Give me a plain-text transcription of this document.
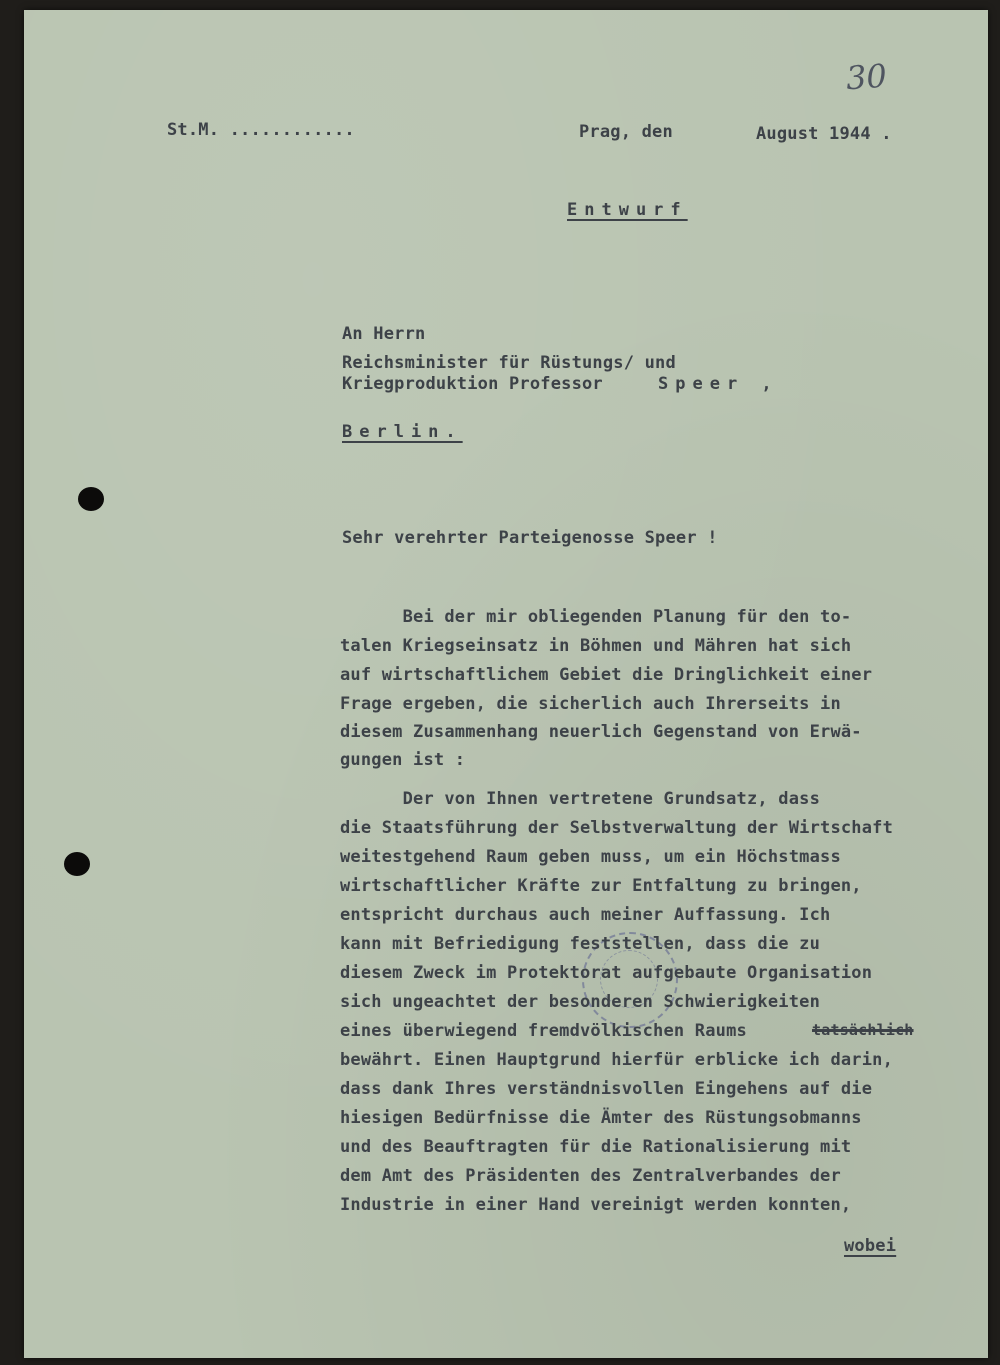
30
St.M. ............	Prag, den	August 1944 .
Entwurf
An Herrn
Reichsminister für Rüstungs/ und
Kriegproduktion Professor	Speer ,
Berlin.
Sehr verehrter Parteigenosse Speer !
Bei der mir obliegenden Planung für den to-
talen Kriegseinsatz in Böhmen und Mähren hat sich
auf wirtschaftlichem Gebiet die Dringlichkeit einer
Frage ergeben, die sicherlich auch Ihrerseits in
diesem Zusammenhang neuerlich Gegenstand von Erwä-
gungen ist :
Der von Ihnen vertretene Grundsatz, dass
die Staatsführung der Selbstverwaltung der Wirtschaft
weitestgehend Raum geben muss, um ein Höchstmass
wirtschaftlicher Kräfte zur Entfaltung zu bringen,
entspricht durchaus auch meiner Auffassung. Ich
kann mit Befriedigung feststellen, dass die zu
diesem Zweck im Protektorat aufgebaute Organisation
sich ungeachtet der besonderen Schwierigkeiten
eines überwiegend fremdvölkischen Raums	tatsächlich
bewährt. Einen Hauptgrund hierfür erblicke ich darin,
dass dank Ihres verständnisvollen Eingehens auf die
hiesigen Bedürfnisse die Ämter des Rüstungsobmanns
und des Beauftragten für die Rationalisierung mit
dem Amt des Präsidenten des Zentralverbandes der
Industrie in einer Hand vereinigt werden konnten,
wobei
